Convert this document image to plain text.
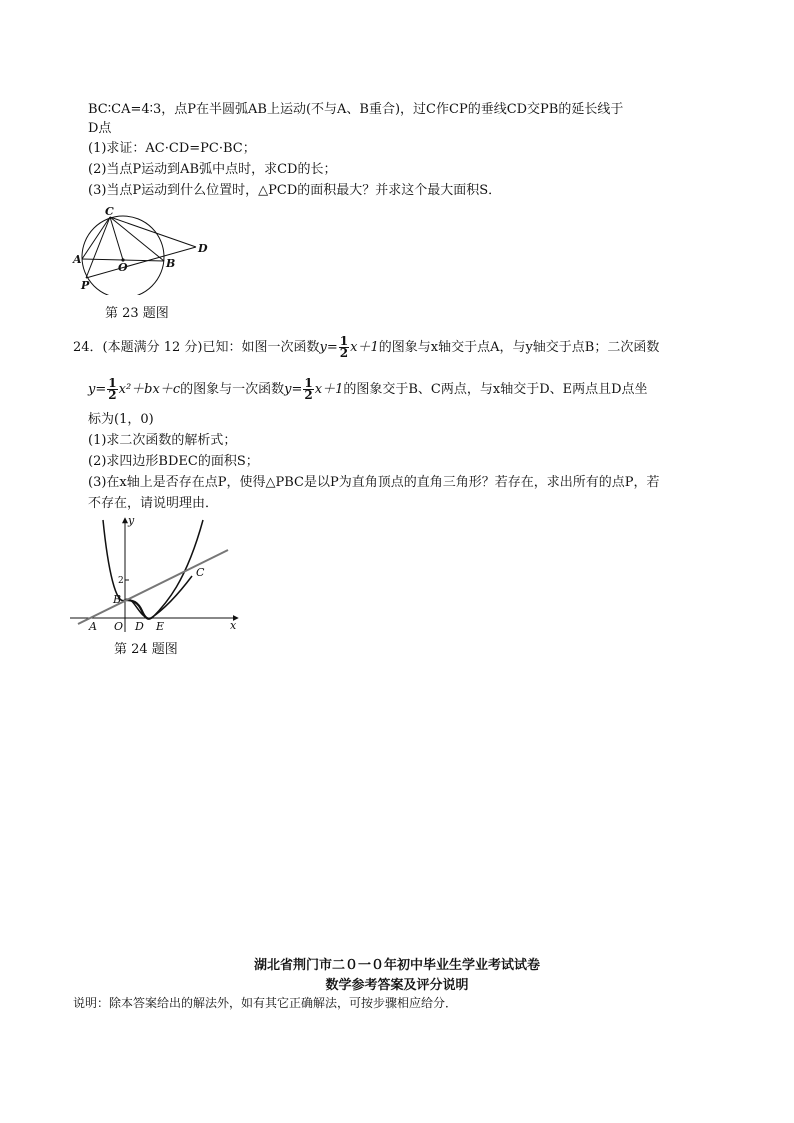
BC∶CA=4∶3，点P在半圆弧AB上运动(不与A、B重合)，过C作CP的垂线CD交PB的延长线于
D点
(1)求证：AC·CD=PC·BC；
(2)当点P运动到AB弧中点时，求CD的长；
(3)当点P运动到什么位置时，△PCD的面积最大？并求这个最大面积S．
C
A
O	B
D
P
第 23 题图
24．(本题满分 12 分)已知：如图一次函数$y= \frac{1}{2} x+1$的图象与x轴交于点A，与y轴交于点B；二次函数
$y= \frac{1}{2} x^2+bx+c$的图象与一次函数$y= \frac{1}{2} x+1$的图象交于B、C两点，与x轴交于D、E两点且D点坐
标为(1，0)
(1)求二次函数的解析式；
(2)求四边形BDEC的面积S；
(3)在x轴上是否存在点P，使得△PBC是以P为直角顶点的直角三角形？若存在，求出所有的点P，若
不存在，请说明理由．
y
x
2
B
C
A O D E
第 24 题图
湖北省荆门市二０一０年初中毕业生学业考试试卷
数学参考答案及评分说明
说明：除本答案给出的解法外，如有其它正确解法，可按步骤相应给分．
